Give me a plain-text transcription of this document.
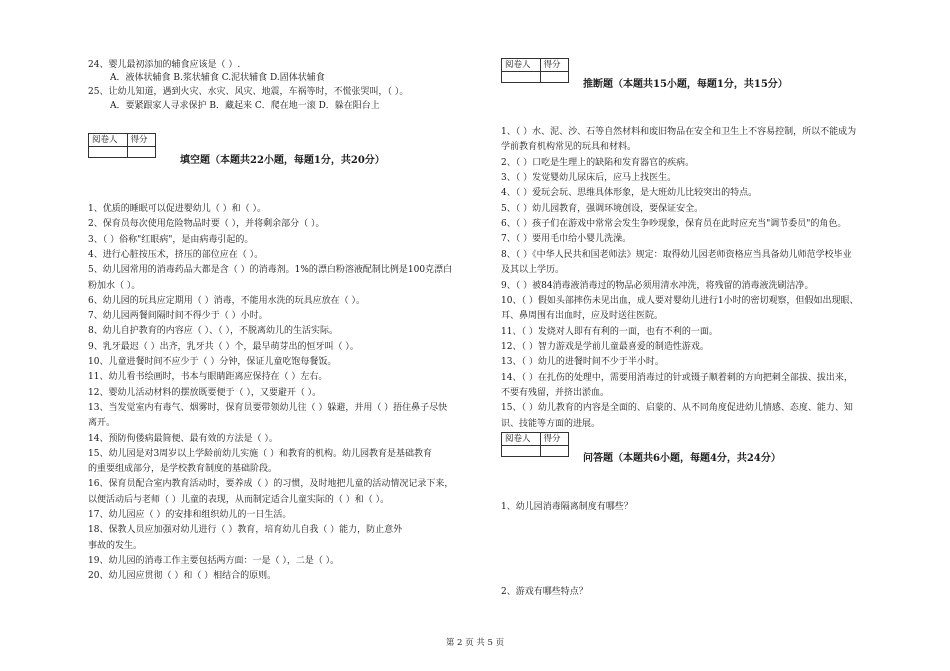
24、婴儿最初添加的辅食应该是（ ）.
A．液体状辅食 B.浆状辅食 C.泥状辅食 D.固体状辅食
25、让幼儿知道，遇到火灾、水灾、风灾、地震，车祸等时，不慌张哭叫，（ ）。
A．要紧跟家人寻求保护 B．藏起来 C．爬在地一滚 D．躲在阳台上
阅卷人	得分

填空题（本题共22小题，每题1分，共20分）
1、优质的睡眠可以促进婴幼儿（ ）和（ ）。
2、保育员每次使用危险物品时要（ ），并将剩余部分（ ）。
3、（ ）俗称"红眼病"，是由病毒引起的。
4、进行心脏按压术，挤压的部位应在（ ）。
5、幼儿园常用的消毒药品大都是含（ ）的消毒剂。1%的漂白粉溶液配制比例是100克漂白
粉加水（ ）。
6、幼儿园的玩具应定期用（ ）消毒，不能用水洗的玩具应放在（ ）。
7、幼儿园两餐间隔时间不得少于（ ）小时。
8、幼儿自护教育的内容应（ ）、（ ），不脱离幼儿的生活实际。
9、乳牙最迟（ ）出齐，乳牙共（ ）个，最早萌芽出的恒牙叫（ ）。
10、儿童进餐时间不应少于（ ）分钟，保证儿童吃饱每餐饭。
11、幼儿看书绘画时，书本与眼睛距离应保持在（ ）左右。
12、婴幼儿活动材料的摆放既要便于（ ），又要避开（ ）。
13、当发觉室内有毒气、烟雾时，保育员要带领幼儿往（ ）躲避，并用（ ）捂住鼻子尽快
离开。
14、预防佝偻病最简便、最有效的方法是（ ）。
15、幼儿园是对3周岁以上学龄前幼儿实施（ ）和教育的机构。幼儿园教育是基础教育
的重要组成部分，是学校教育制度的基础阶段。
16、保育员配合室内教育活动时，要养成（ ）的习惯，及时地把儿童的活动情况记录下来，
以便活动后与老师（ ）儿童的表现，从而制定适合儿童实际的（ ）和（ ）。
17、幼儿园应（ ）的安排和组织幼儿的一日生活。
18、保教人员应加强对幼儿进行（ ）教育，培育幼儿自我（ ）能力，防止意外
事故的发生。
19、幼儿园的消毒工作主要包括两方面：一是（ ），二是（ ）。
20、幼儿园应贯彻（ ）和（ ）相结合的原则。
阅卷人	得分

推断题（本题共15小题，每题1分，共15分）
1、（ ）水、泥、沙、石等自然材料和废旧物品在安全和卫生上不容易控制，所以不能成为
学前教育机构常见的玩具和材料。
2、（ ）口吃是生理上的缺陷和发育器官的疾病。
3、（ ）发觉婴幼儿尿床后，应马上找医生。
4、（ ）爱玩会玩、思维具体形象，是大班幼儿比较突出的特点。
5、（ ）幼儿园教育，强调环境创设，要保证安全。
6、（ ）孩子们在游戏中常常会发生争吵现象，保育员在此时应充当"调节委员"的角色。
7、（ ）要用毛巾给小婴儿洗澡。
8、（ ）《中华人民共和国老师法》规定：取得幼儿园老师资格应当具备幼儿师范学校毕业
及其以上学历。
9、（ ）被84消毒液消毒过的物品必须用清水冲洗，将残留的消毒液洗刷洁净。
10、（ ）假如头部摔伤未见出血，成人要对婴幼儿进行1小时的密切观察，但假如出现眼、
耳、鼻周围有出血时，应及时送往医院。
11、（ ）发烧对人即有有利的一面，也有不利的一面。
12、（ ）智力游戏是学前儿童最喜爱的制造性游戏。
13、（ ）幼儿的进餐时间不少于半小时。
14、（ ）在扎伤的处理中，需要用消毒过的针或镊子顺着刺的方向把刺全部拔、拔出来，
不要有残留，并挤出淤血。
15、（ ）幼儿教育的内容是全面的、启蒙的、从不同角度促进幼儿情感、态度、能力、知
识、技能等方面的进展。
阅卷人	得分

问答题（本题共6小题，每题4分，共24分）
1、幼儿园消毒隔离制度有哪些？
2、游戏有哪些特点？
第 2 页 共 5 页
